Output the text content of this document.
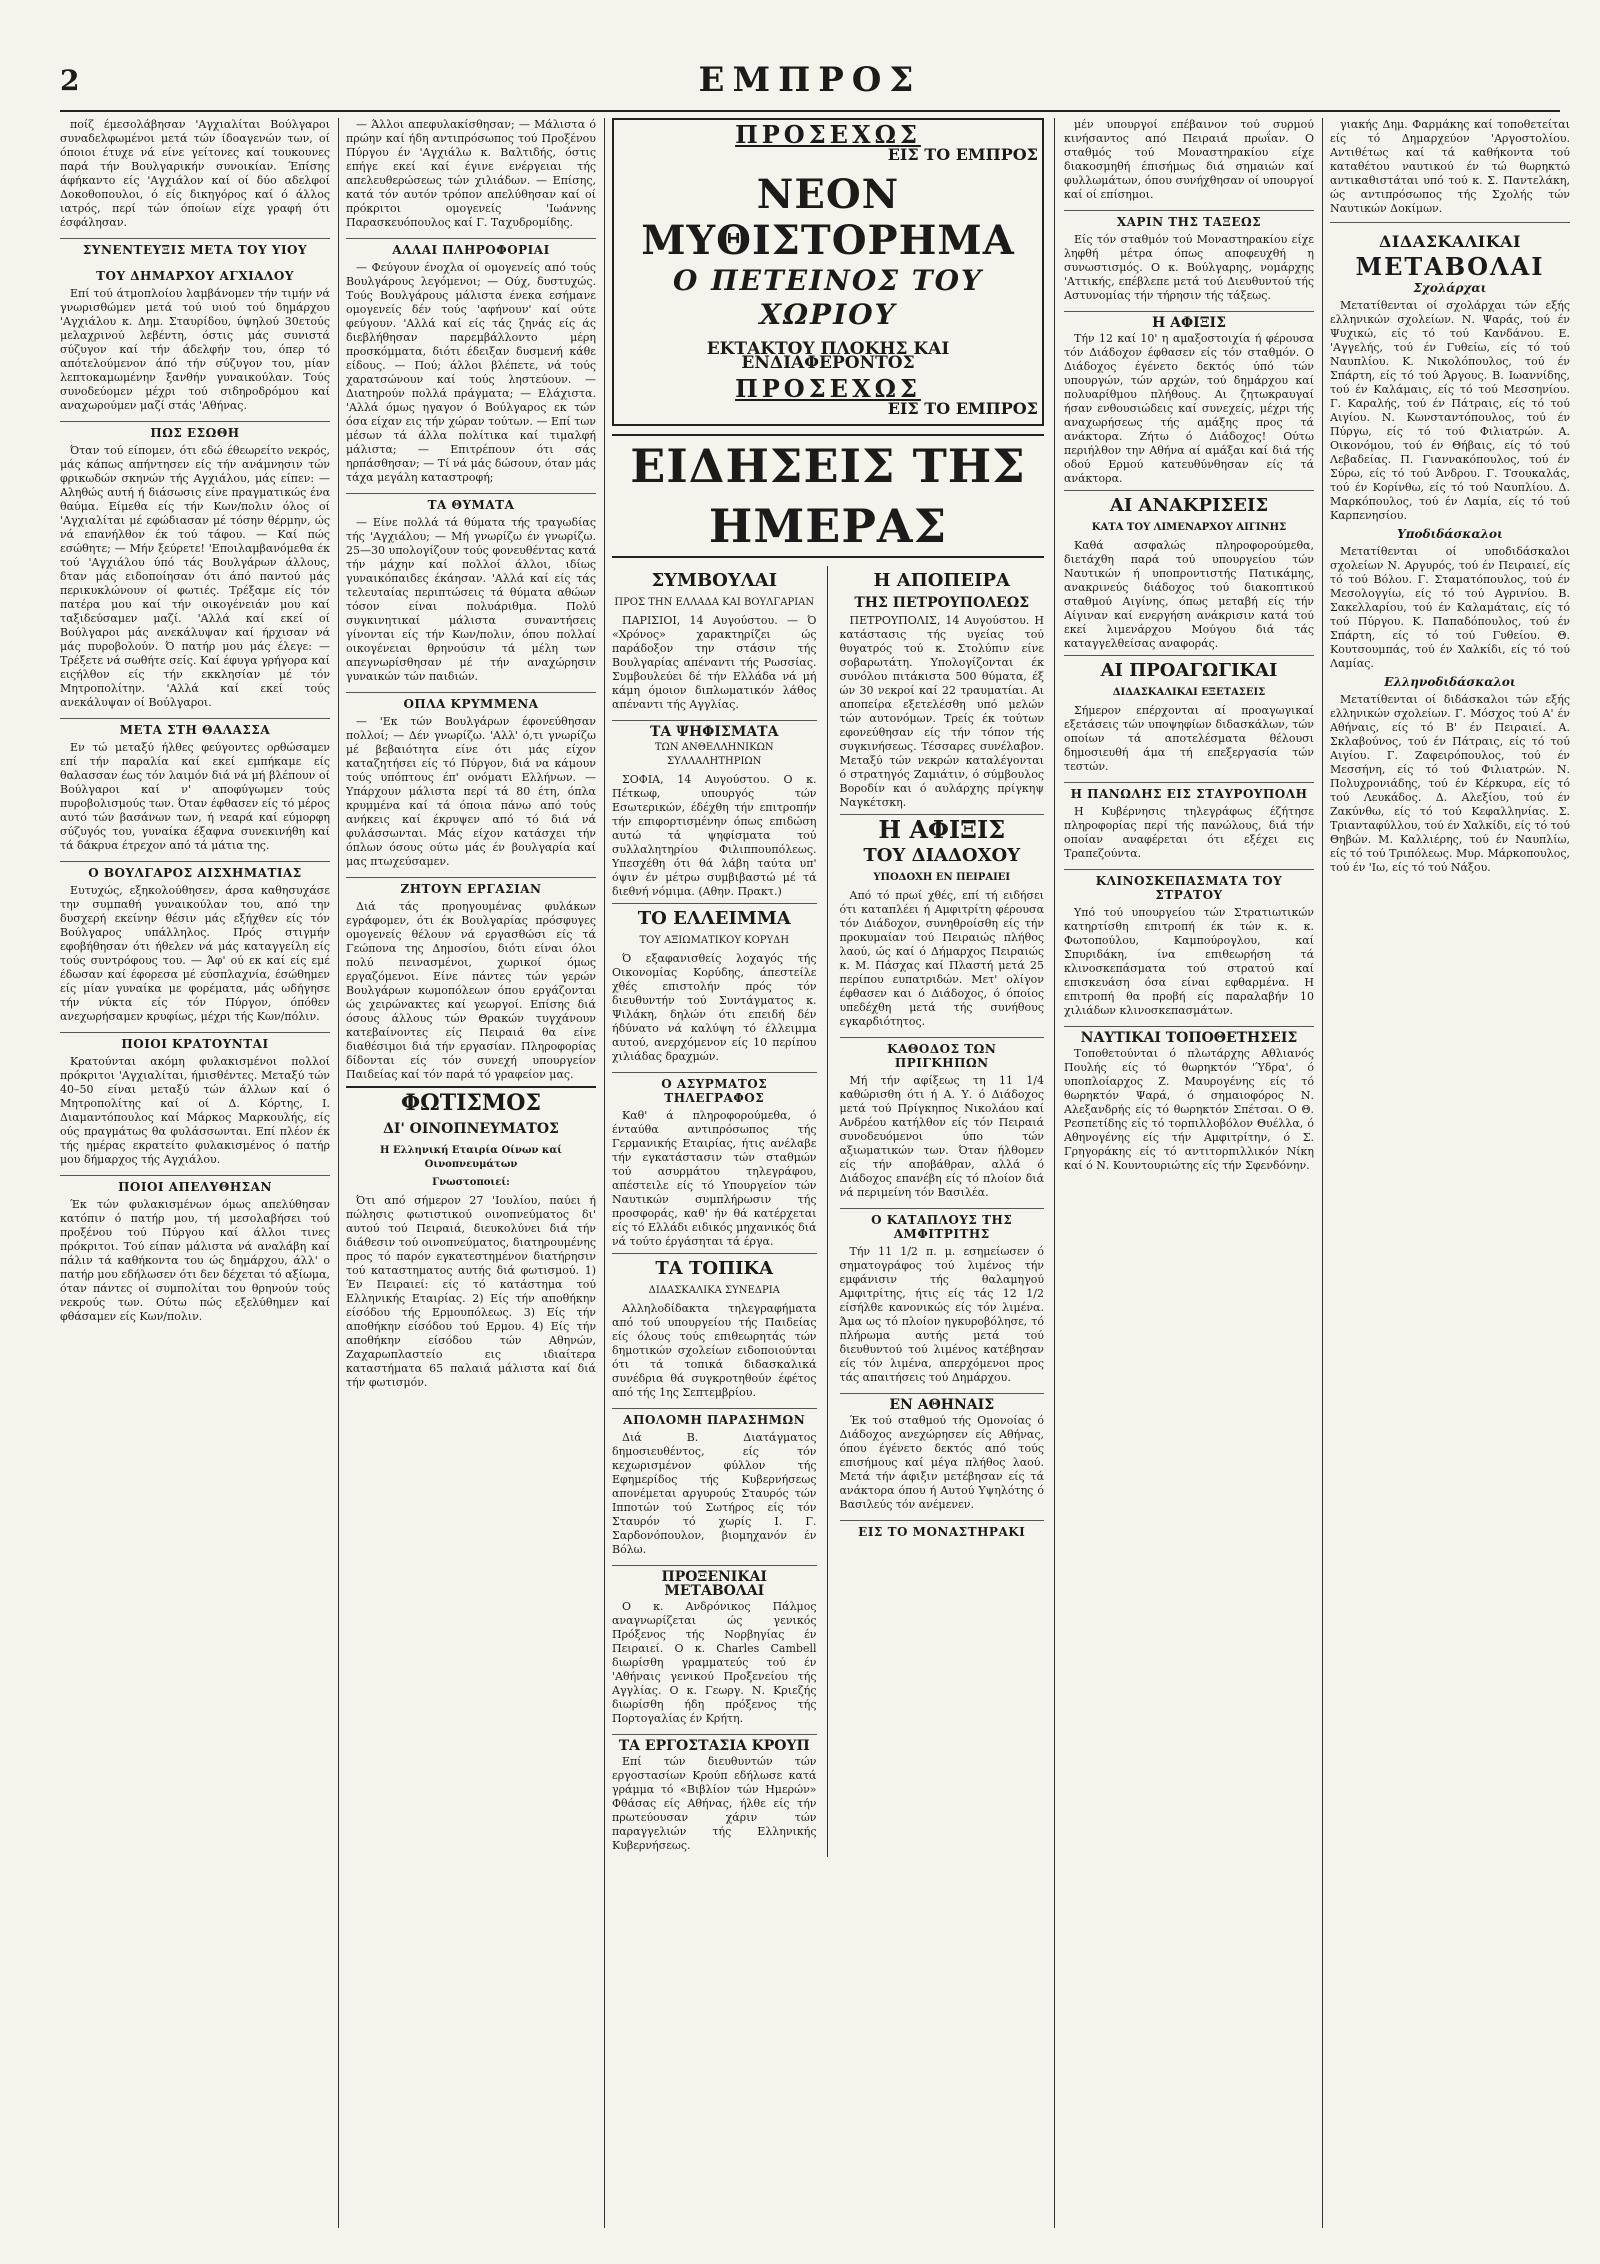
2	ΕΜΠΡΟΣ

ποίζ έμεσολάβησαν 'Αγχιαλίται Βούλγαροι συναδελφωμένοι μετά τών ίδοαγενών των, οί όποιοι έτυχε νά είνε γείτονες καί τουκουνες παρά τήν Βουλγαρικήν συνοικίαν. Έπίσης άφήκαντο είς 'Αγχιάλον καί οί δύο αδελφοί Δοκοθοπουλοι, ό είς δικηγόρος καί ό άλλος ιατρός, περί τών όποίων είχε γραφή ότι έσφάλησαν.

ΣΥΝΕΝΤΕΥΞΙΣ ΜΕΤΑ ΤΟΥ ΥΙΟΥ
ΤΟΥ ΔΗΜΑΡΧΟΥ ΑΓΧΙΑΛΟΥ

Επί τού άτμοπλοίου λαμβάνομεν τήν τιμήν νά γνωρισθώμεν μετά τού υιού τού δημάρχου 'Αγχιάλου κ. Δημ. Σταυρίδου, ύψηλού 30ετούς μελαχρινού λεβέντη, όστις μάς συνιστά σύζυγον καί τήν άδελφήν του, όπερ τό απότελούμενον άπό τήν σύζυγον του, μίαν λεπτοκαμωμένην ξανθήν γυναικούλαν. Τούς συνοδεύομεν μέχρι τού σιδηροδρόμου καί αναχωρούμεν μαζί στάς 'Αθήνας.

ΠΩΣ ΕΣΩΘΗ

Όταν τού είπομεν, ότι εδώ έθεωρείτο νεκρός, μάς κάπως απήντησεν είς τήν ανάμνησιν τών φρικωδών σκηνών τής Αγχιάλου, μάς είπεν: — Αληθώς αυτή ή διάσωσις είνε πραγματικώς ένα θαύμα. Είμεθα είς τήν Κων/πολιν όλος οί 'Αγχιαλίται μέ εφώδιασαν μέ τόσην θέρμην, ώς νά επανήλθον έκ τού τάφου. — Καί πώς εσώθητε; — Μήν ξεύρετε! 'Εποιλαμβανόμεθα έκ τού 'Αγχιάλου ύπό τάς Βουλγάρων άλλους, δταν μάς ειδοποίησαν ότι άπό παντού μάς περικυκλώνουν οί φωτιές. Τρέξαμε είς τόν πατέρα μου καί τήν οικογένειάν μου καί ταξιδεύσαμεν μαζί. 'Αλλά καί εκεί οί Βούλγαροι μάς ανεκάλυψαν καί ήρχισαν νά μάς πυροβολούν. Ό πατήρ μου μάς έλεγε: — Τρέξετε νά σωθήτε σείς. Καί έφυγα γρήγορα καί ειςήλθον είς τήν εκκλησίαν μέ τόν Μητροπολίτην. 'Αλλά καί εκεί τούς ανεκάλυψαν οί Βούλγαροι.

ΜΕΤΑ ΣΤΗ ΘΑΛΑΣΣΑ

Εν τώ μεταξύ ήλθες φεύγοντες ορθώσαμεν επί τήν παραλία καί εκεί εμπήκαμε είς θαλασσαν έως τόν λαιμόν διά νά μή βλέπουν οί Βούλγαροι καί ν' αποφύγωμεν τούς πυροβολισμούς των. Όταν έφθασεν είς τό μέρος αυτό τών βασάνων των, ή νεαρά καί εύμορφη σύζυγός του, γυναίκα έξαφνα συνεκινήθη καί τά δάκρυα έτρεχον από τά μάτια της.

Ο ΒΟΥΛΓΑΡΟΣ ΑΙΣΧΗΜΑΤΙΑΣ

Ευτυχώς, εξηκολούθησεν, άρσα καθησυχάσε την συμπαθή γυναικούλαν του, από την δυσχερή εκείνην θέσιν μάς εξήχθεν είς τόν Βούλγαρος υπάλληλος. Πρός στιγμήν εφοβήθησαν ότι ήθελεν νά μάς καταγγείλη είς τούς συντρόφους του. — Άφ' ού εκ καί είς εμέ έδωσαν καί έφορεσα μέ εύσπλαχνία, έσώθημεν είς μίαν γυναίκα με φορέματα, μάς ωδήγησε τήν νύκτα είς τόν Πύργον, όπόθεν ανεχωρήσαμεν κρυφίως, μέχρι τής Κων/πόλιν.

ΠΟΙΟΙ ΚΡΑΤΟΥΝΤΑΙ

Κρατούνται ακόμη φυλακισμένοι πολλοί πρόκριτοι 'Αγχιαλίται, ήμισθέντες. Μεταξύ τών 40–50 είναι μεταξύ τών άλλων καί ό Μητροπολίτης καί οί Δ. Κόρτης, Ι. Διαμαντόπουλος καί Μάρκος Μαρκουλής, είς ούς πραγμάτως θα φυλάσσωνται. Επί πλέον έκ τής ημέρας εκρατείτο φυλακισμένος ό πατήρ μου δήμαρχος τής Αγχιάλου.

ΠΟΙΟΙ ΑΠΕΛΥΘΗΣΑΝ

Έκ τών φυλακισμένων όμως απελύθησαν κατόπιν ό πατήρ μου, τή μεσολαβήσει τού προξένου τού Πύργου καί άλλοι τινες πρόκριτοι. Τού είπαν μάλιστα νά αναλάβη καί πάλιν τά καθήκοντα του ώς δημάρχου, άλλ' ο πατήρ μου εδήλωσεν ότι δεν δέχεται τό αξίωμα, όταν πάντες οί συμπολίται του θρηνούν τούς νεκρούς των. Ούτω πώς εξελύθημεν καί φθάσαμεν είς Κων/πολιν.

— Άλλοι απεφυλακίσθησαν; — Μάλιστα ό πρώην καί ήδη αντιπρόσωπος τού Προξένου Πύργου έν 'Αγχιάλω κ. Βαλτιδής, όστις επήγε εκεί καί έγινε ενέργειαι τής απελευθερώσεως τών χιλιάδων. — Επίσης, κατά τόν αυτόν τρόπον απελύθησαν καί οί πρόκριτοι ομογενείς 'Ιωάννης Παρασκευόπουλος καί Γ. Ταχυδρομίδης.

ΑΛΛΑΙ ΠΛΗΡΟΦΟΡΙΑΙ

— Φεύγουν ένοχλα οί ομογενείς από τούς Βουλγάρους λεγόμενοι; — Ούχ, δυστυχώς. Τούς Βουλγάρους μάλιστα ένεκα εσήμανε ομογενείς δέν τούς 'αφήνουν' καί ούτε φεύγουν. 'Αλλά καί είς τάς ζηνάς είς άς διεβλήθησαν παρεμβάλλοντο μέρη προσκόμματα, διότι έδειξαν δυσμενή κάθε είδους. — Πού; άλλοι βλέπετε, νά τούς χαρατσώνουν καί τούς ληστεύουν. — Διατηρούν πολλά πράγματα; — Ελάχιστα. 'Αλλά όμως ηγαγον ό Βούλγαρος εκ τών όσα είχαν εις τήν χώραν τούτων. — Επί των μέσων τά άλλα πολίτικα καί τιμαλφή μάλιστα; — Επιτρέπουν ότι σάς ηρπάσθησαν; — Τί νά μάς δώσουν, όταν μάς τάχα μεγάλη καταστροφή;

ΤΑ ΘΥΜΑΤΑ

— Είνε πολλά τά θύματα τής τραγωδίας τής 'Αγχιάλου; — Μή γνωρίζω έν γνωρίζω. 25—30 υπολογίζουν τούς φονευθέντας κατά τήν μάχην καί πολλοί άλλοι, ιδίως γυναικόπαιδες έκάησαν. 'Αλλά καί είς τάς τελευταίας περιπτώσεις τά θύματα αθώων τόσον είναι πολυάριθμα. Πολύ συγκινητικαί μάλιστα συναντήσεις γίνονται είς τήν Κων/πολιν, όπου πολλαί οικογένειαι θρηνούσιν τά μέλη των απεγνωρίσθησαν μέ τήν αναχώρησιν γυναικών τών παιδιών.

ΟΠΛΑ ΚΡΥΜΜΕΝΑ

— 'Εκ τών Βουλγάρων έφονεύθησαν πολλοί; — Δέν γνωρίζω. 'Αλλ' ό,τι γνωρίζω μέ βεβαιότητα είνε ότι μάς είχον καταζητήσει είς τό Πύργον, διά να κάμουν τούς υπόπτους έπ' ονόματι Ελλήνων. — Υπάρχουν μάλιστα περί τά 80 έτη, όπλα κρυμμένα καί τά όποια πάνω από τούς ανήκεις καί έκρυψεν από τό διά νά φυλάσσωνται. Μάς είχον κατάσχει τήν όπλων όσους ούτω μάς έν βουλγαρία καί μας πτωχεύσαμεν.

ΖΗΤΟΥΝ ΕΡΓΑΣΙΑΝ

Διά τάς προηγουμένας φυλάκων εγράφομεν, ότι έκ Βουλγαρίας πρόσφυγες ομογενείς θέλουν νά εργασθώσι είς τά Γεώπονα της Δημοσίου, διότι είναι όλοι πολύ πεινασμένοι, χωρικοί όμως εργαζόμενοι. Είνε πάντες τών γερών Βουλγάρων κωμοπόλεων όπου εργάζονται ώς χειρώνακτες καί γεωργοί. Επίσης διά όσους άλλους τών Θρακών τυγχάνουν κατεβαίνοντες είς Πειραιά θα είνε διαθέσιμοι διά τήν εργασίαν. Πληροφορίας δίδονται είς τόν συνεχή υπουργείον Παιδείας καί τόν παρά τό γραφείον μας.

ΦΩΤΙΣΜΟΣ
ΔΙ' ΟΙΝΟΠΝΕΥΜΑΤΟΣ
Η Ελληνική Εταιρία Οίνων καί Οινοπνευμάτων
Γνωστοποιεί:

Ότι από σήμερον 27 'Ιουλίου, παύει ή πώλησις φωτιστικού οινοπνεύματος δι' αυτού τού Πειραιά, διευκολύνει διά τήν διάθεσιν τού οινοπνεύματος, διατηρουμένης προς τό παρόν εγκατεστημένον διατήρησιν τού καταστηματος αυτής διά φωτισμού. 1) Έν Πειραιεί: είς τό κατάστημα τού Ελληνικής Εταιρίας. 2) Είς τήν αποθήκην είσόδου τής Ερμουπόλεως. 3) Είς τήν αποθήκην είσόδου τού Ερμου. 4) Είς τήν αποθήκην είσόδου τών Αθηνών, Ζαχαρωπλαστείο εις ιδιαίτερα καταστήματα 65 παλαιά μάλιστα καί διά τήν φωτισμόν.

ΠΡΟΣΕΧΩΣ
ΕΙΣ ΤΟ ΕΜΠΡΟΣ
ΝΕΟΝ ΜΥΘΙΣΤΟΡΗΜΑ
Ο ΠΕΤΕΙΝΟΣ ΤΟΥ ΧΩΡΙΟΥ
ΕΚΤΑΚΤΟΥ ΠΛΟΚΗΣ ΚΑΙ ΕΝΔΙΑΦΕΡΟΝΤΟΣ
ΠΡΟΣΕΧΩΣ
ΕΙΣ ΤΟ ΕΜΠΡΟΣ
ΕΙΔΗΣΕΙΣ ΤΗΣ ΗΜΕΡΑΣ
ΣΥΜΒΟΥΛΑΙ
ΠΡΟΣ ΤΗΝ ΕΛΛΑΔΑ ΚΑΙ ΒΟΥΛΓΑΡΙΑΝ

ΠΑΡΙΣΙΟΙ, 14 Αυγούστου. — Ό «Χρόνος» χαρακτηρίζει ώς παράδοξον την στάσιν τής Βουλγαρίας απέναντι τής Ρωσσίας. Συμβουλεύει δέ τήν Ελλάδα νά μή κάμη όμοιον διπλωματικόν λάθος απέναντι τής Αγγλίας.

ΤΑ ΨΗΦΙΣΜΑΤΑ
ΤΩΝ ΑΝΘΕΛΛΗΝΙΚΩΝ ΣΥΛΛΑΛΗΤΗΡΙΩΝ

ΣΟΦΙΑ, 14 Αυγούστου. Ο κ. Πέτκωφ, υπουργός τών Εσωτερικών, έδέχθη τήν επιτροπήν τήν επιφορτισμένην όπως επιδώση αυτώ τά ψηφίσματα τού συλλαλητηρίου Φιλιππουπόλεως. Υπεσχέθη ότι θά λάβη ταύτα υπ' όψιν έν μέτρω συμβιβαστώ μέ τά διεθνή νόμιμα. (Αθην. Πρακτ.)

ΤΟ ΕΛΛΕΙΜΜΑ
ΤΟΥ ΑΞΙΩΜΑΤΙΚΟΥ ΚΟΡΥΔΗ

Ό εξαφανισθείς λοχαγός τής Οικονομίας Κορύδης, άπεστείλε χθές επιστολήν πρός τόν διευθυντήν τού Συντάγματος κ. Ψιλάκη, δηλών ότι επειδή δέν ήδύνατο νά καλύψη τό έλλειμμα αυτού, ανερχόμενον είς 10 περίπου χιλιάδας δραχμών.

Ο ΑΣΥΡΜΑΤΟΣ ΤΗΛΕΓΡΑΦΟΣ

Καθ' ά πληροφορούμεθα, ό ένταύθα αντιπρόσωπος τής Γερμανικής Εταιρίας, ήτις ανέλαβε τήν εγκατάστασιν τών σταθμών τού ασυρμάτου τηλεγράφου, απέστειλε είς τό Υπουργείον τών Ναυτικών συμπλήρωσιν τής προσφοράς, καθ' ήν θά κατέρχεται είς τό Ελλάδι ειδικός μηχανικός διά νά τούτο έργάσηται τά έργα.

ΤΑ ΤΟΠΙΚΑ
ΔΙΔΑΣΚΑΛΙΚΑ ΣΥΝΕΔΡΙΑ

Αλληλοδίδακτα τηλεγραφήματα από τού υπουργείου τής Παιδείας είς όλους τούς επιθεωρητάς τών δημοτικών σχολείων ειδοποιούνται ότι τά τοπικά διδασκαλικά συνέδρια θά συγκροτηθούν έφέτος από τής 1ης Σεπτεμβρίου.

ΑΠΟΛΟΜΗ ΠΑΡΑΣΗΜΩΝ

Διά Β. Διατάγματος δημοσιευθέντος, είς τόν κεχωρισμένον φύλλον τής Εφημερίδος τής Κυβερνήσεως απονέμεται αργυρούς Σταυρός τών Ιπποτών τού Σωτήρος είς τόν Σταυρόν τό χωρίς Ι. Γ. Σαρδονόπουλον, βιομηχανόν έν Βόλω.

ΠΡΟΞΕΝΙΚΑΙ ΜΕΤΑΒΟΛΑΙ

Ο κ. Ανδρόνικος Πάλμος αναγνωρίζεται ώς γενικός Πρόξενος τής Νορβηγίας έν Πειραιεί. Ο κ. Charles Cambell διωρίσθη γραμματεύς τού έν 'Αθήναις γενικού Προξενείου τής Αγγλίας. Ο κ. Γεωργ. Ν. Κριεζής διωρίσθη ήδη πρόξενος τής Πορτογαλίας έν Κρήτη.

ΤΑ ΕΡΓΟΣΤΑΣΙΑ ΚΡΟΥΠ

Επί τών διευθυντών τών εργοστασίων Κρούπ εδήλωσε κατά γράμμα τό «Βιβλίον τών Ημερών» Φθάσας είς Αθήνας, ήλθε είς τήν πρωτεύουσαν χάριν τών παραγγελιών τής Ελληνικής Κυβερνήσεως.

Η ΑΠΟΠΕΙΡΑ
ΤΗΣ ΠΕΤΡΟΥΠΟΛΕΩΣ

ΠΕΤΡΟΥΠΟΛΙΣ, 14 Αυγούστου. Η κατάστασις τής υγείας τού θυγατρός τού κ. Στολύπιν είνε σοβαρωτάτη. Υπολογίζονται έκ συνόλου πιτάκιστα 500 θύματα, έξ ών 30 νεκροί καί 22 τραυματίαι. Αι αποπείρα εξετελέσθη υπό μελών τών αυτονόμων. Τρείς έκ τούτων εφονεύθησαν είς τήν τόπον τής συγκινήσεως. Τέσσαρες συνέλαβον. Μεταξύ τών νεκρών καταλέγονται ό στρατηγός Ζαμιάτιν, ό σύμβουλος Βοροδίν και ό αυλάρχης πρίγκηψ Ναγκέτσκη.

Η ΑΦΙΞΙΣ
ΤΟΥ ΔΙΑΔΟΧΟΥ
ΥΠΟΔΟΧΗ ΕΝ ΠΕΙΡΑΙΕΙ

Από τό πρωί χθές, επί τή ειδήσει ότι καταπλέει ή Αμφιτρίτη φέρουσα τόν Διάδοχον, συνηθροίσθη είς τήν προκυμαίαν τού Πειραιώς πλήθος λαού, ώς καί ό Δήμαρχος Πειραιώς κ. Μ. Πάσχας καί Πλαστή μετά 25 περίπου ευπατριδών. Μετ' ολίγον έφθασεν και ό Διάδοχος, ό όποίος υπεδέχθη μετά τής συνήθους εγκαρδιότητος.

ΚΑΘΟΔΟΣ ΤΩΝ ΠΡΙΓΚΗΠΩΝ

Μή τήν αφίξεως τη 11 1/4 καθώρισθη ότι ή Α. Υ. ό Διάδοχος μετά τού Πρίγκηπος Νικολάου καί Ανδρέου κατήλθον είς τόν Πειραιά συνοδευόμενοι ύπο τών αξιωματικών των. Όταν ήλθομεν είς τήν αποβάθραν, αλλά ό Διάδοχος επανέβη είς τό πλοίον διά νά περιμείνη τόν Βασιλέα.

Ο ΚΑΤΑΠΛΟΥΣ ΤΗΣ ΑΜΦΙΤΡΙΤΗΣ

Τήν 11 1/2 π. μ. εσημείωσεν ό σηματογράφος τού λιμένος τήν εμφάνισιν τής θαλαμηγού Αμφιτρίτης, ήτις είς τάς 12 1/2 είσήλθε κανονικώς είς τόν λιμένα. Άμα ως τό πλοίον ηγκυροβόλησε, τό πλήρωμα αυτής μετά τού διευθυντού τού λιμένος κατέβησαν είς τόν λιμένα, απερχόμενοι προς τάς απαιτήσεις τού Δημάρχου.

ΕΝ ΑΘΗΝΑΙΣ

Έκ τού σταθμού τής Ομονοίας ό Διάδοχος ανεχώρησεν είς Αθήνας, όπου έγένετο δεκτός από τούς επισήμους καί μέγα πλήθος λαού. Μετά τήν άφιξιν μετέβησαν είς τά ανάκτορα όπου ή Αυτού Υψηλότης ό Βασιλεύς τόν ανέμενεν.

ΕΙΣ ΤΟ ΜΟΝΑΣΤΗΡΑΚΙ

μέν υπουργοί επέβαινον τού συρμού κινήσαντος από Πειραιά πρωΐαν. Ο σταθμός τού Μοναστηρακίου είχε διακοσμηθή έπισήμως διά σημαιών καί φυλλωμάτων, όπου συνήχθησαν οί υπουργοί καί οί επίσημοι.

ΧΑΡΙΝ ΤΗΣ ΤΑΞΕΩΣ

Είς τόν σταθμόν τού Μοναστηρακίου είχε ληφθή μέτρα όπως αποφευχθή η συνωστισμός. Ο κ. Βούλγαρης, νομάρχης 'Αττικής, επέβλεπε μετά τού Διευθυντού τής Αστυνομίας τήν τήρησιν τής τάξεως.

Η ΑΦΙΞΙΣ

Τήν 12 καί 10' η αμαξοστοιχία ή φέρουσα τόν Διάδοχον έφθασεν είς τόν σταθμόν. Ο Διάδοχος έγένετο δεκτός ύπό τών υπουργών, τών αρχών, τού δημάρχου καί πολυαρίθμου πλήθους. Αι ζητωκραυγαί ήσαν ενθουσιώδεις καί συνεχείς, μέχρι τής αναχωρήσεως τής αμάξης προς τά ανάκτορα. Ζήτω ό Διάδοχος! Ούτω περιήλθον την Αθήνα αί αμάξαι καί διά τής οδού Ερμού κατευθύνθησαν είς τά ανάκτορα.

ΑΙ ΑΝΑΚΡΙΣΕΙΣ
ΚΑΤΑ ΤΟΥ ΛΙΜΕΝΑΡΧΟΥ ΑΙΓΙΝΗΣ

Καθά ασφαλώς πληροφορούμεθα, διετάχθη παρά τού υπουργείου τών Ναυτικών ή υποπροντιστής Πατικάμης, ανακρινεύς διάδοχος τού διακοπτικού σταθμού Αιγίνης, όπως μεταβή είς τήν Αίγιναν καί ενεργήση ανάκρισιν κατά τού εκεί λιμενάρχου Μούγου διά τάς καταγγελθείσας αναφοράς.

ΑΙ ΠΡΟΑΓΩΓΙΚΑΙ
ΔΙΔΑΣΚΑΛΙΚΑΙ ΕΞΕΤΑΣΕΙΣ

Σήμερον επέρχονται αί προαγωγικαί εξετάσεις τών υποψηφίων διδασκάλων, τών οποίων τά αποτελέσματα θέλουσι δημοσιευθή άμα τή επεξεργασία τών τεστών.

Η ΠΑΝΩΛΗΣ ΕΙΣ ΣΤΑΥΡΟΥΠΟΛΗ

Η Κυβέρνησις τηλεγράφως έζήτησε πληροφορίας περί τής πανώλους, διά τήν οποίαν αναφέρεται ότι εξέχει εις Τραπεζούντα.

ΚΛΙΝΟΣΚΕΠΑΣΜΑΤΑ ΤΟΥ ΣΤΡΑΤΟΥ

Υπό τού υπουργείου τών Στρατιωτικών κατηρτίσθη επιτροπή έκ τών κ. κ. Φωτοπούλου, Καμπούρογλου, καί Σπυριδάκη, ίνα επιθεωρήση τά κλινοσκεπάσματα τού στρατού καί επισκευάση όσα είναι εφθαρμένα. Η επιτροπή θα προβή είς παραλαβήν 10 χιλιάδων κλινοσκεπασμάτων.

ΝΑΥΤΙΚΑΙ ΤΟΠΟΘΕΤΗΣΕΙΣ

Τοποθετούνται ό πλωτάρχης Αθλιανός Πουλής είς τό θωρηκτόν 'Ύδρα', ό υποπλοίαρχος Ζ. Μαυρογένης είς τό θωρηκτόν Ψαρά, ό σημαιοφόρος Ν. Αλεξανδρής είς τό θωρηκτόν Σπέτσαι. Ο Θ. Ρεσπετίδης είς τό τορπιλλοβόλον Θυέλλα, ό Αθηνογένης είς τήν Αμφιτρίτην, ό Σ. Γρηγοράκης είς τό αντιτορπιλλικόν Νίκη καί ό Ν. Κουντουριώτης είς τήν Σφενδόνην.

γιακής Δημ. Φαρμάκης καί τοποθετείται είς τό Δημαρχεύον 'Αργοστολίου. Αντιθέτως καί τά καθήκοντα τού καταθέτου ναυτικού έν τώ θωρηκτώ αντικαθιστάται υπό τού κ. Σ. Παντελάκη, ώς αντιπρόσωπος τής Σχολής τών Ναυτικών Δοκίμων.

ΔΙΔΑΣΚΑΛΙΚΑΙ
ΜΕΤΑΒΟΛΑΙ
Σχολάρχαι

Μετατίθενται οί σχολάρχαι τών εξής ελληνικών σχολείων. Ν. Ψαράς, τού έν Ψυχικώ, είς τό τού Κανδάνου. Ε. 'Αγγελής, τού έν Γυθείω, είς τό τού Ναυπλίου. Κ. Νικολόπουλος, τού έν Σπάρτη, είς τό τού Άργους. Β. Ιωαννίδης, τού έν Καλάμαις, είς τό τού Μεσσηνίου. Γ. Καραλής, τού έν Πάτραις, είς τό τού Αιγίου. Ν. Κωνσταντόπουλος, τού έν Πύργω, είς τό τού Φιλιατρών. Α. Οικονόμου, τού έν Θήβαις, είς τό τού Λεβαδείας. Π. Γιαννακόπουλος, τού έν Σύρω, είς τό τού Άνδρου. Γ. Τσουκαλάς, τού έν Κορίνθω, είς τό τού Ναυπλίου. Δ. Μαρκόπουλος, τού έν Λαμία, είς τό τού Καρπενησίου.

Υποδιδάσκαλοι

Μετατίθενται οί υποδιδάσκαλοι σχολείων Ν. Αργυρός, τού έν Πειραιεί, είς τό τού Βόλου. Γ. Σταματόπουλος, τού έν Μεσολογγίω, είς τό τού Αγρινίου. Β. Σακελλαρίου, τού έν Καλαμάταις, είς τό τού Πύργου. Κ. Παπαδόπουλος, τού έν Σπάρτη, είς τό τού Γυθείου. Θ. Κουτσουμπάς, τού έν Χαλκίδι, είς τό τού Λαμίας.

Ελληνοδιδάσκαλοι

Μετατίθενται οί διδάσκαλοι τών εξής ελληνικών σχολείων. Γ. Μόσχος τού Α' έν Αθήναις, είς τό Β' έν Πειραιεί. Α. Σκλαβούνος, τού έν Πάτραις, είς τό τού Αιγίου. Γ. Ζαφειρόπουλος, τού έν Μεσσήνη, είς τό τού Φιλιατρών. Ν. Πολυχρονιάδης, τού έν Κέρκυρα, είς τό τού Λευκάδος. Δ. Αλεξίου, τού έν Ζακύνθω, είς τό τού Κεφαλληνίας. Σ. Τριανταφύλλου, τού έν Χαλκίδι, είς τό τού Θηβών. Μ. Καλλιέρης, τού έν Ναυπλίω, είς τό τού Τριπόλεως. Μυρ. Μάρκοπουλος, τού έν 'Ιω, είς τό τού Νάξου.
